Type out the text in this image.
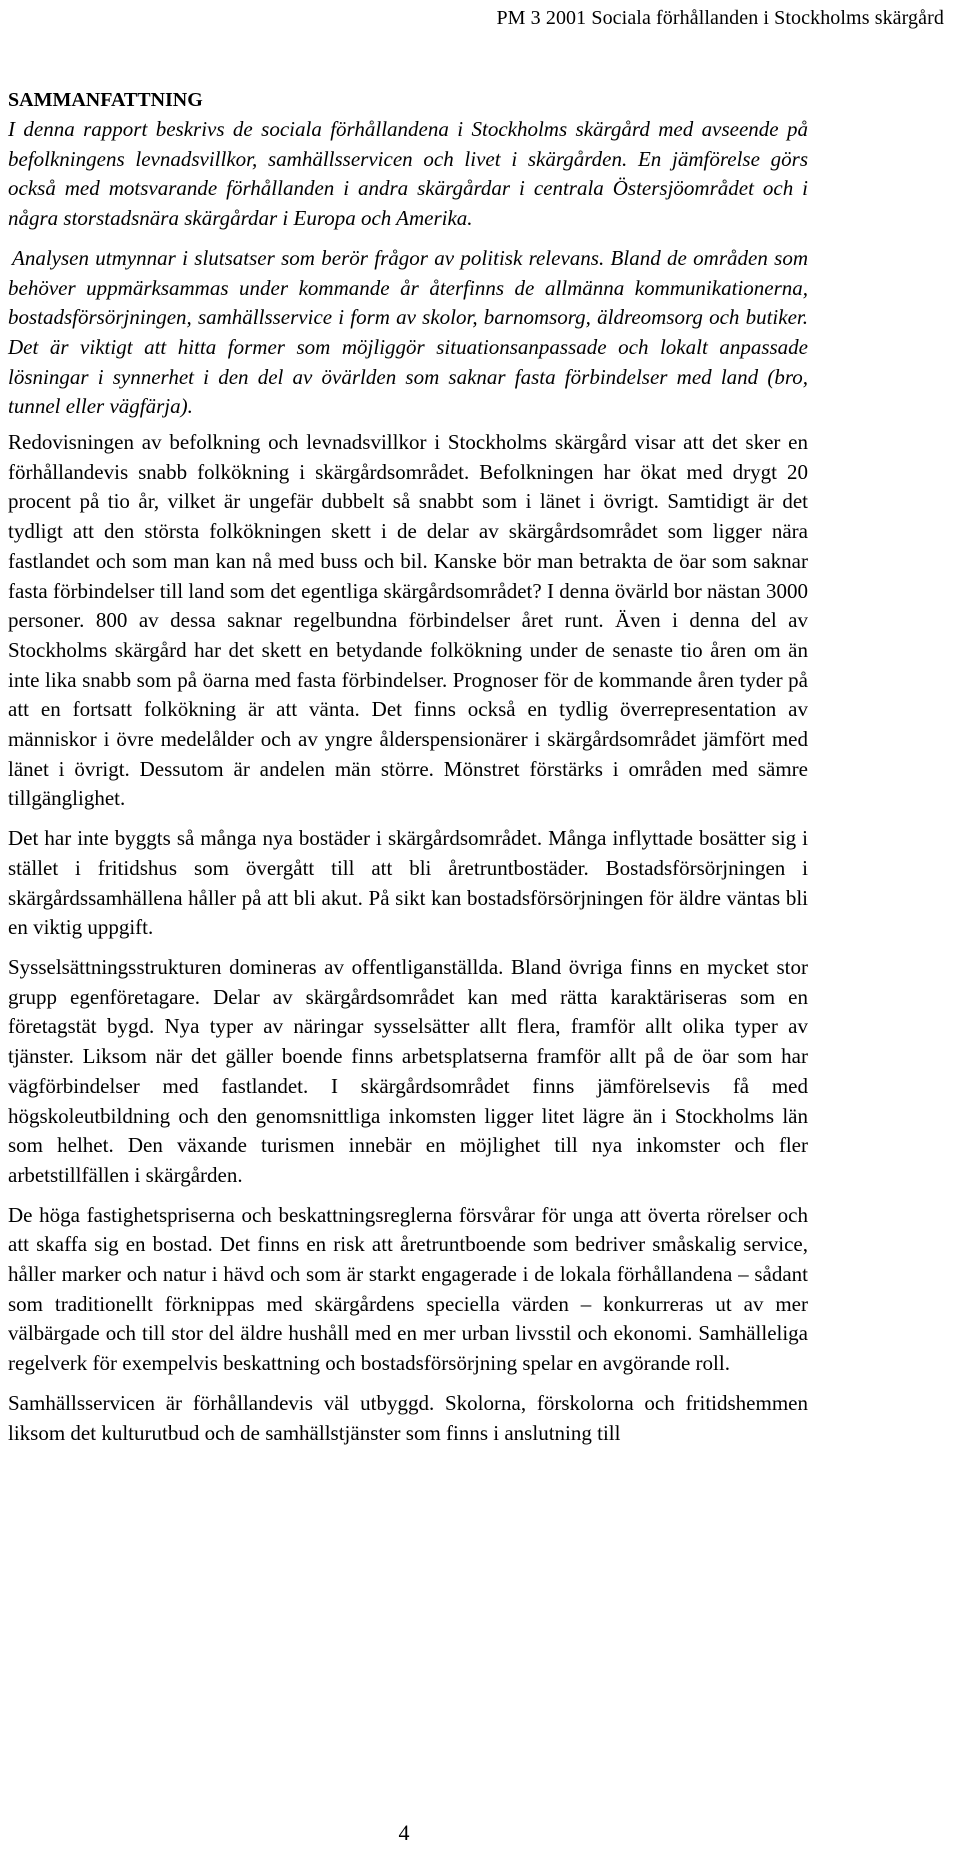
PM 3 2001 Sociala förhållanden i Stockholms skärgård
SAMMANFATTNING

I denna rapport beskrivs de sociala förhållandena i Stockholms skärgård med avseende på befolkningens levnadsvillkor, samhällsservicen och livet i skärgården. En jämförelse görs också med motsvarande förhållanden i andra skärgårdar i centrala Östersjöområdet och i några storstadsnära skärgårdar i Europa och Amerika.

Analysen utmynnar i slutsatser som berör frågor av politisk relevans. Bland de områden som behöver uppmärksammas under kommande år återfinns de allmänna kommunikationerna, bostadsförsörjningen, samhällsservice i form av skolor, barnomsorg, äldreomsorg och butiker. Det är viktigt att hitta former som möjliggör situationsanpassade och lokalt anpassade lösningar i synnerhet i den del av övärlden som saknar fasta förbindelser med land (bro, tunnel eller vägfärja).

Redovisningen av befolkning och levnadsvillkor i Stockholms skärgård visar att det sker en förhållandevis snabb folkökning i skärgårdsområdet. Befolkningen har ökat med drygt 20 procent på tio år, vilket är ungefär dubbelt så snabbt som i länet i övrigt. Samtidigt är det tydligt att den största folkökningen skett i de delar av skärgårdsområdet som ligger nära fastlandet och som man kan nå med buss och bil. Kanske bör man betrakta de öar som saknar fasta förbindelser till land som det egentliga skärgårdsområdet? I denna övärld bor nästan 3000 personer. 800 av dessa saknar regelbundna förbindelser året runt. Även i denna del av Stockholms skärgård har det skett en betydande folkökning under de senaste tio åren om än inte lika snabb som på öarna med fasta förbindelser. Prognoser för de kommande åren tyder på att en fortsatt folkökning är att vänta. Det finns också en tydlig överrepresentation av människor i övre medelålder och av yngre ålderspensionärer i skärgårdsområdet jämfört med länet i övrigt. Dessutom är andelen män större. Mönstret förstärks i områden med sämre tillgänglighet.

Det har inte byggts så många nya bostäder i skärgårdsområdet. Många inflyttade bosätter sig i stället i fritidshus som övergått till att bli åretruntbostäder. Bostadsförsörjningen i skärgårdssamhällena håller på att bli akut. På sikt kan bostadsförsörjningen för äldre väntas bli en viktig uppgift.

Sysselsättningsstrukturen domineras av offentliganställda. Bland övriga finns en mycket stor grupp egenföretagare. Delar av skärgårdsområdet kan med rätta karaktäriseras som en företagstät bygd. Nya typer av näringar sysselsätter allt flera, framför allt olika typer av tjänster. Liksom när det gäller boende finns arbetsplatserna framför allt på de öar som har vägförbindelser med fastlandet. I skärgårdsområdet finns jämförelsevis få med högskoleutbildning och den genomsnittliga inkomsten ligger litet lägre än i Stockholms län som helhet. Den växande turismen innebär en möjlighet till nya inkomster och fler arbetstillfällen i skärgården.

De höga fastighetspriserna och beskattningsreglerna försvårar för unga att överta rörelser och att skaffa sig en bostad. Det finns en risk att åretruntboende som bedriver småskalig service, håller marker och natur i hävd och som är starkt engagerade i de lokala förhållandena – sådant som traditionellt förknippas med skärgårdens speciella värden – konkurreras ut av mer välbärgade och till stor del äldre hushåll med en mer urban livsstil och ekonomi. Samhälleliga regelverk för exempelvis beskattning och bostadsförsörjning spelar en avgörande roll.

Samhällsservicen är förhållandevis väl utbyggd. Skolorna, förskolorna och fritidshemmen liksom det kulturutbud och de samhällstjänster som finns i anslutning till

4
